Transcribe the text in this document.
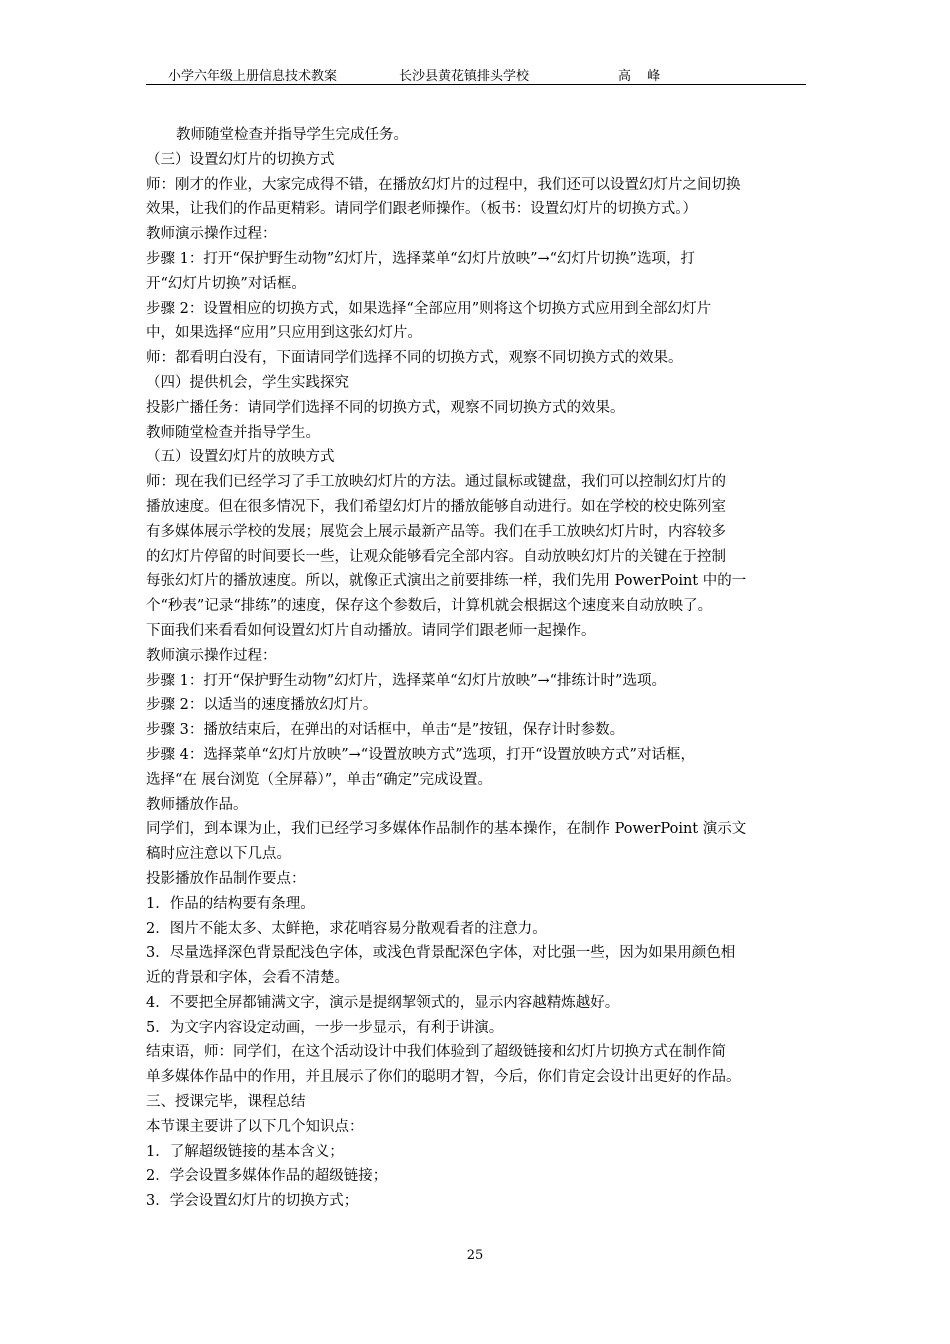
小学六年级上册信息技术教案	长沙县黄花镇排头学校	高 峰

教师随堂检查并指导学生完成任务。

（三）设置幻灯片的切换方式

师：刚才的作业，大家完成得不错，在播放幻灯片的过程中，我们还可以设置幻灯片之间切换

效果，让我们的作品更精彩。请同学们跟老师操作。（板书：设置幻灯片的切换方式。）

教师演示操作过程：

步骤 1：打开“保护野生动物”幻灯片，选择菜单“幻灯片放映”→“幻灯片切换”选项，打

开“幻灯片切换”对话框。

步骤 2：设置相应的切换方式，如果选择“全部应用”则将这个切换方式应用到全部幻灯片

中，如果选择“应用”只应用到这张幻灯片。

师：都看明白没有，下面请同学们选择不同的切换方式，观察不同切换方式的效果。

（四）提供机会，学生实践探究

投影广播任务：请同学们选择不同的切换方式，观察不同切换方式的效果。

教师随堂检查并指导学生。

（五）设置幻灯片的放映方式

师：现在我们已经学习了手工放映幻灯片的方法。通过鼠标或键盘，我们可以控制幻灯片的

播放速度。但在很多情况下，我们希望幻灯片的播放能够自动进行。如在学校的校史陈列室

有多媒体展示学校的发展；展览会上展示最新产品等。我们在手工放映幻灯片时，内容较多

的幻灯片停留的时间要长一些，让观众能够看完全部内容。自动放映幻灯片的关键在于控制

每张幻灯片的播放速度。所以，就像正式演出之前要排练一样，我们先用 PowerPoint 中的一

个“秒表”记录“排练”的速度，保存这个参数后，计算机就会根据这个速度来自动放映了。

下面我们来看看如何设置幻灯片自动播放。请同学们跟老师一起操作。

教师演示操作过程：

步骤 1：打开“保护野生动物”幻灯片，选择菜单“幻灯片放映”→“排练计时”选项。

步骤 2：以适当的速度播放幻灯片。

步骤 3：播放结束后，在弹出的对话框中，单击“是”按钮，保存计时参数。

步骤 4：选择菜单“幻灯片放映”→“设置放映方式”选项，打开“设置放映方式”对话框，

选择“在 展台浏览（全屏幕）”，单击“确定”完成设置。

教师播放作品。

同学们，到本课为止，我们已经学习多媒体作品制作的基本操作，在制作 PowerPoint 演示文

稿时应注意以下几点。

投影播放作品制作要点：

1．作品的结构要有条理。

2．图片不能太多、太鲜艳，求花哨容易分散观看者的注意力。

3．尽量选择深色背景配浅色字体，或浅色背景配深色字体，对比强一些，因为如果用颜色相

近的背景和字体，会看不清楚。

4．不要把全屏都铺满文字，演示是提纲挈领式的，显示内容越精炼越好。

5．为文字内容设定动画，一步一步显示，有利于讲演。

结束语，师：同学们，在这个活动设计中我们体验到了超级链接和幻灯片切换方式在制作简

单多媒体作品中的作用，并且展示了你们的聪明才智，今后，你们肯定会设计出更好的作品。

三、授课完毕，课程总结

本节课主要讲了以下几个知识点：

1．了解超级链接的基本含义；

2．学会设置多媒体作品的超级链接；

3．学会设置幻灯片的切换方式；

25
